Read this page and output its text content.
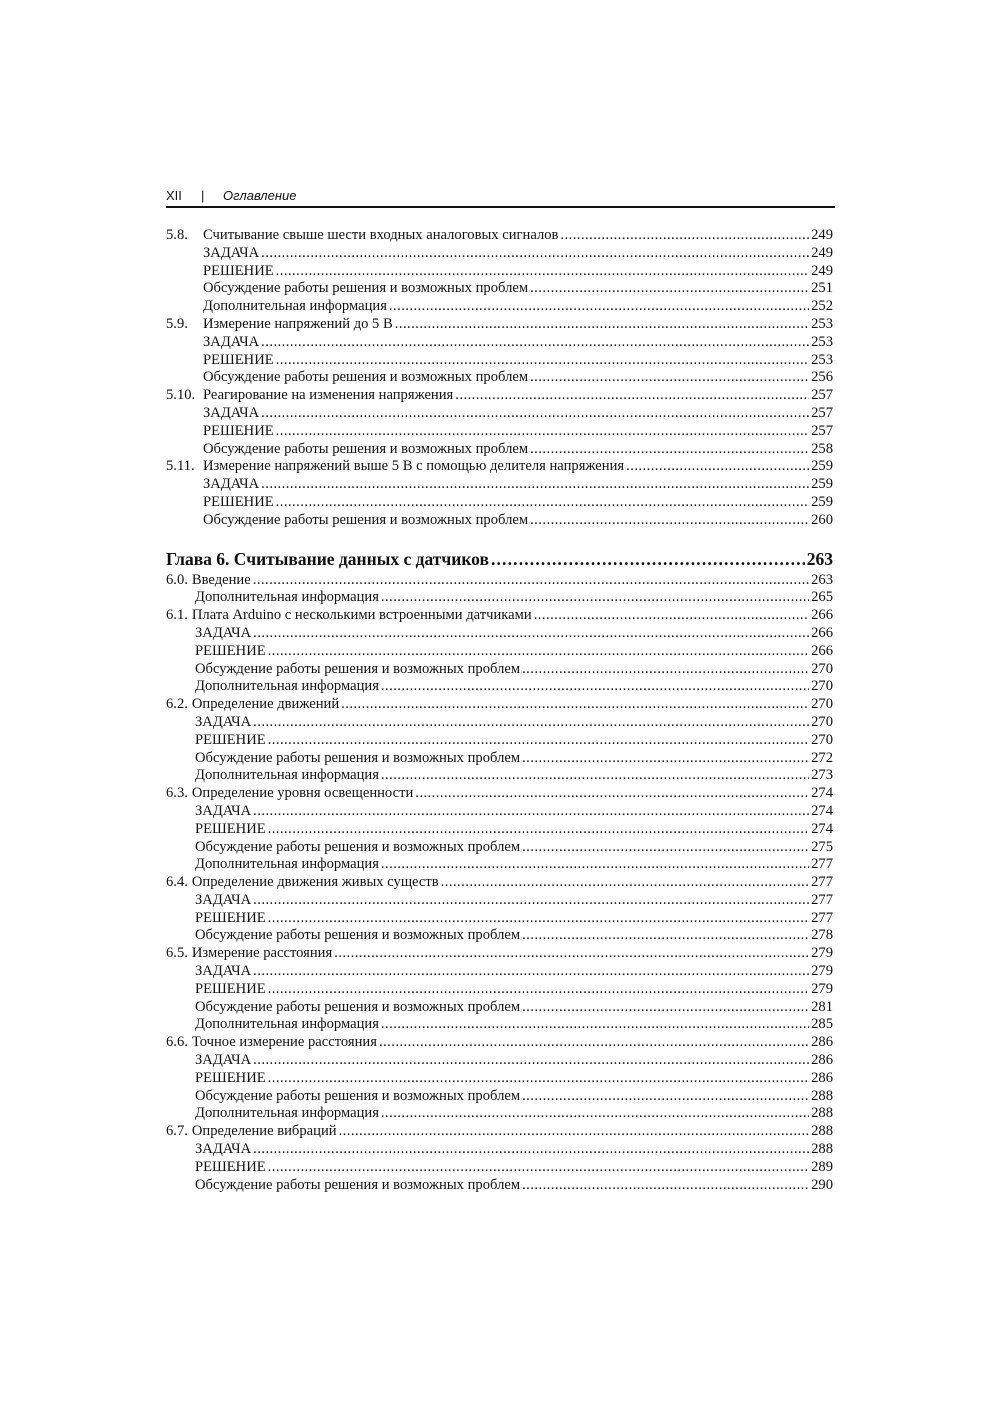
XII | Оглавление
5.8.	Считывание свыше шести входных аналоговых сигналов . . .	249
ЗАДАЧА . . .	249
РЕШЕНИЕ . . .	249
Обсуждение работы решения и возможных проблем . . .	251
Дополнительная информация . . .	252
5.9.	Измерение напряжений до 5 В . . .	253
ЗАДАЧА . . .	253
РЕШЕНИЕ . . .	253
Обсуждение работы решения и возможных проблем . . .	256
5.10. Реагирование на изменения напряжения . . .	257
ЗАДАЧА . . .	257
РЕШЕНИЕ . . .	257
Обсуждение работы решения и возможных проблем . . .	258
5.11. Измерение напряжений выше 5 В с помощью делителя напряжения . . .	259
ЗАДАЧА . . .	259
РЕШЕНИЕ . . .	259
Обсуждение работы решения и возможных проблем . . .	260
Глава 6. Считывание данных с датчиков . . .	263
6.0. Введение . . .	263
Дополнительная информация . . .	265
6.1. Плата Arduino с несколькими встроенными датчиками . . .	266
ЗАДАЧА . . .	266
РЕШЕНИЕ . . .	266
Обсуждение работы решения и возможных проблем . . .	270
Дополнительная информация . . .	270
6.2. Определение движений . . .	270
ЗАДАЧА . . .	270
РЕШЕНИЕ . . .	270
Обсуждение работы решения и возможных проблем . . .	272
Дополнительная информация . . .	273
6.3. Определение уровня освещенности . . .	274
ЗАДАЧА . . .	274
РЕШЕНИЕ . . .	274
Обсуждение работы решения и возможных проблем . . .	275
Дополнительная информация . . .	277
6.4. Определение движения живых существ . . .	277
ЗАДАЧА . . .	277
РЕШЕНИЕ . . .	277
Обсуждение работы решения и возможных проблем . . .	278
6.5. Измерение расстояния . . .	279
ЗАДАЧА . . .	279
РЕШЕНИЕ . . .	279
Обсуждение работы решения и возможных проблем . . .	281
Дополнительная информация . . .	285
6.6. Точное измерение расстояния . . .	286
ЗАДАЧА . . .	286
РЕШЕНИЕ . . .	286
Обсуждение работы решения и возможных проблем . . .	288
Дополнительная информация . . .	288
6.7. Определение вибраций . . .	288
ЗАДАЧА . . .	288
РЕШЕНИЕ . . .	289
Обсуждение работы решения и возможных проблем . . .	290
